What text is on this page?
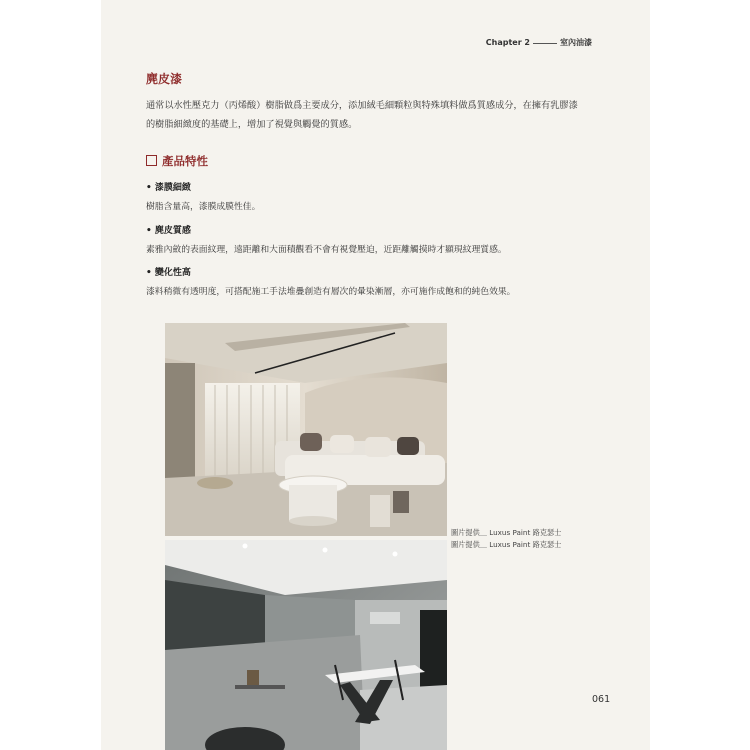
Chapter 2	室內油漆
麂皮漆
通常以水性壓克力（丙烯酸）樹脂做爲主要成分，添加絨毛細顆粒與特殊填料做爲質感成分，在擁有乳膠漆的樹脂細緻度的基礎上，增加了視覺與觸覺的質感。
產品特性
• 漆膜細緻
樹脂含量高，漆膜成膜性佳。
• 麂皮質感
素雅內斂的表面紋理，遠距離和大面積觀看不會有視覺壓迫，近距離觸摸時才顯現紋理質感。
• 變化性高
漆料稍微有透明度，可搭配施工手法堆疊創造有層次的暈染漸層，亦可施作成飽和的純色效果。
圖片提供＿ Luxus Paint 路克瑟士
圖片提供＿ Luxus Paint 路克瑟士
061
